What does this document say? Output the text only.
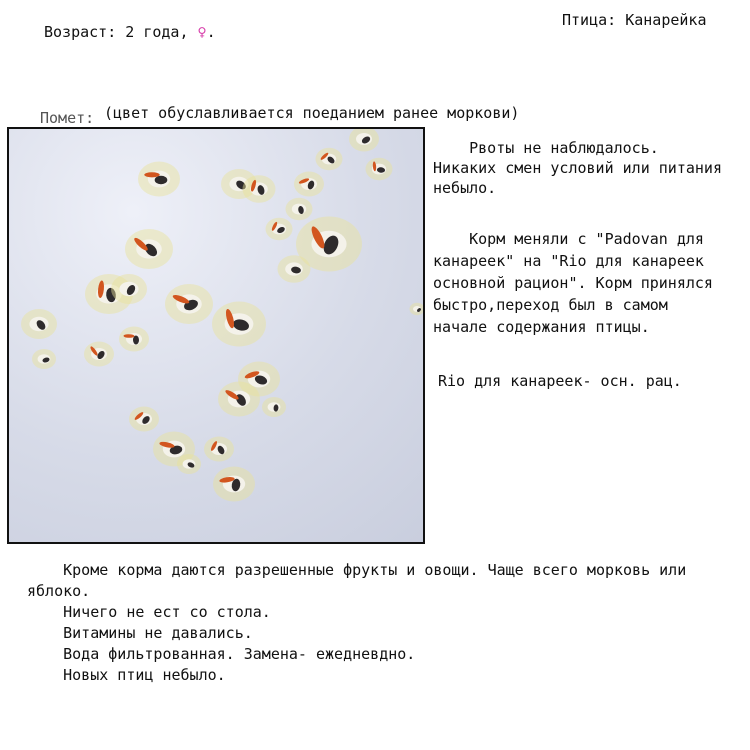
Возраст: 2 года, ♀.
Птица: Канарейка
Помет: (цвет обуславливается поеданием ранее моркови)
Рвоты не наблюдалось.
Никаких смен условий или питания
небыло.
Корм меняли с "Padovan для
канареек" на "Rio для канареек
основной рацион". Корм принялся
быстро,переход был в самом
начале содержания птицы.
Rio для канареек- осн. рац.
Кроме корма даются разрешенные фрукты и овощи. Чаще всего морковь или
яблоко.
Ничего не ест со стола.
Витамины не давались.
Вода фильтрованная. Замена- ежедневдно.
Новых птиц небыло.
